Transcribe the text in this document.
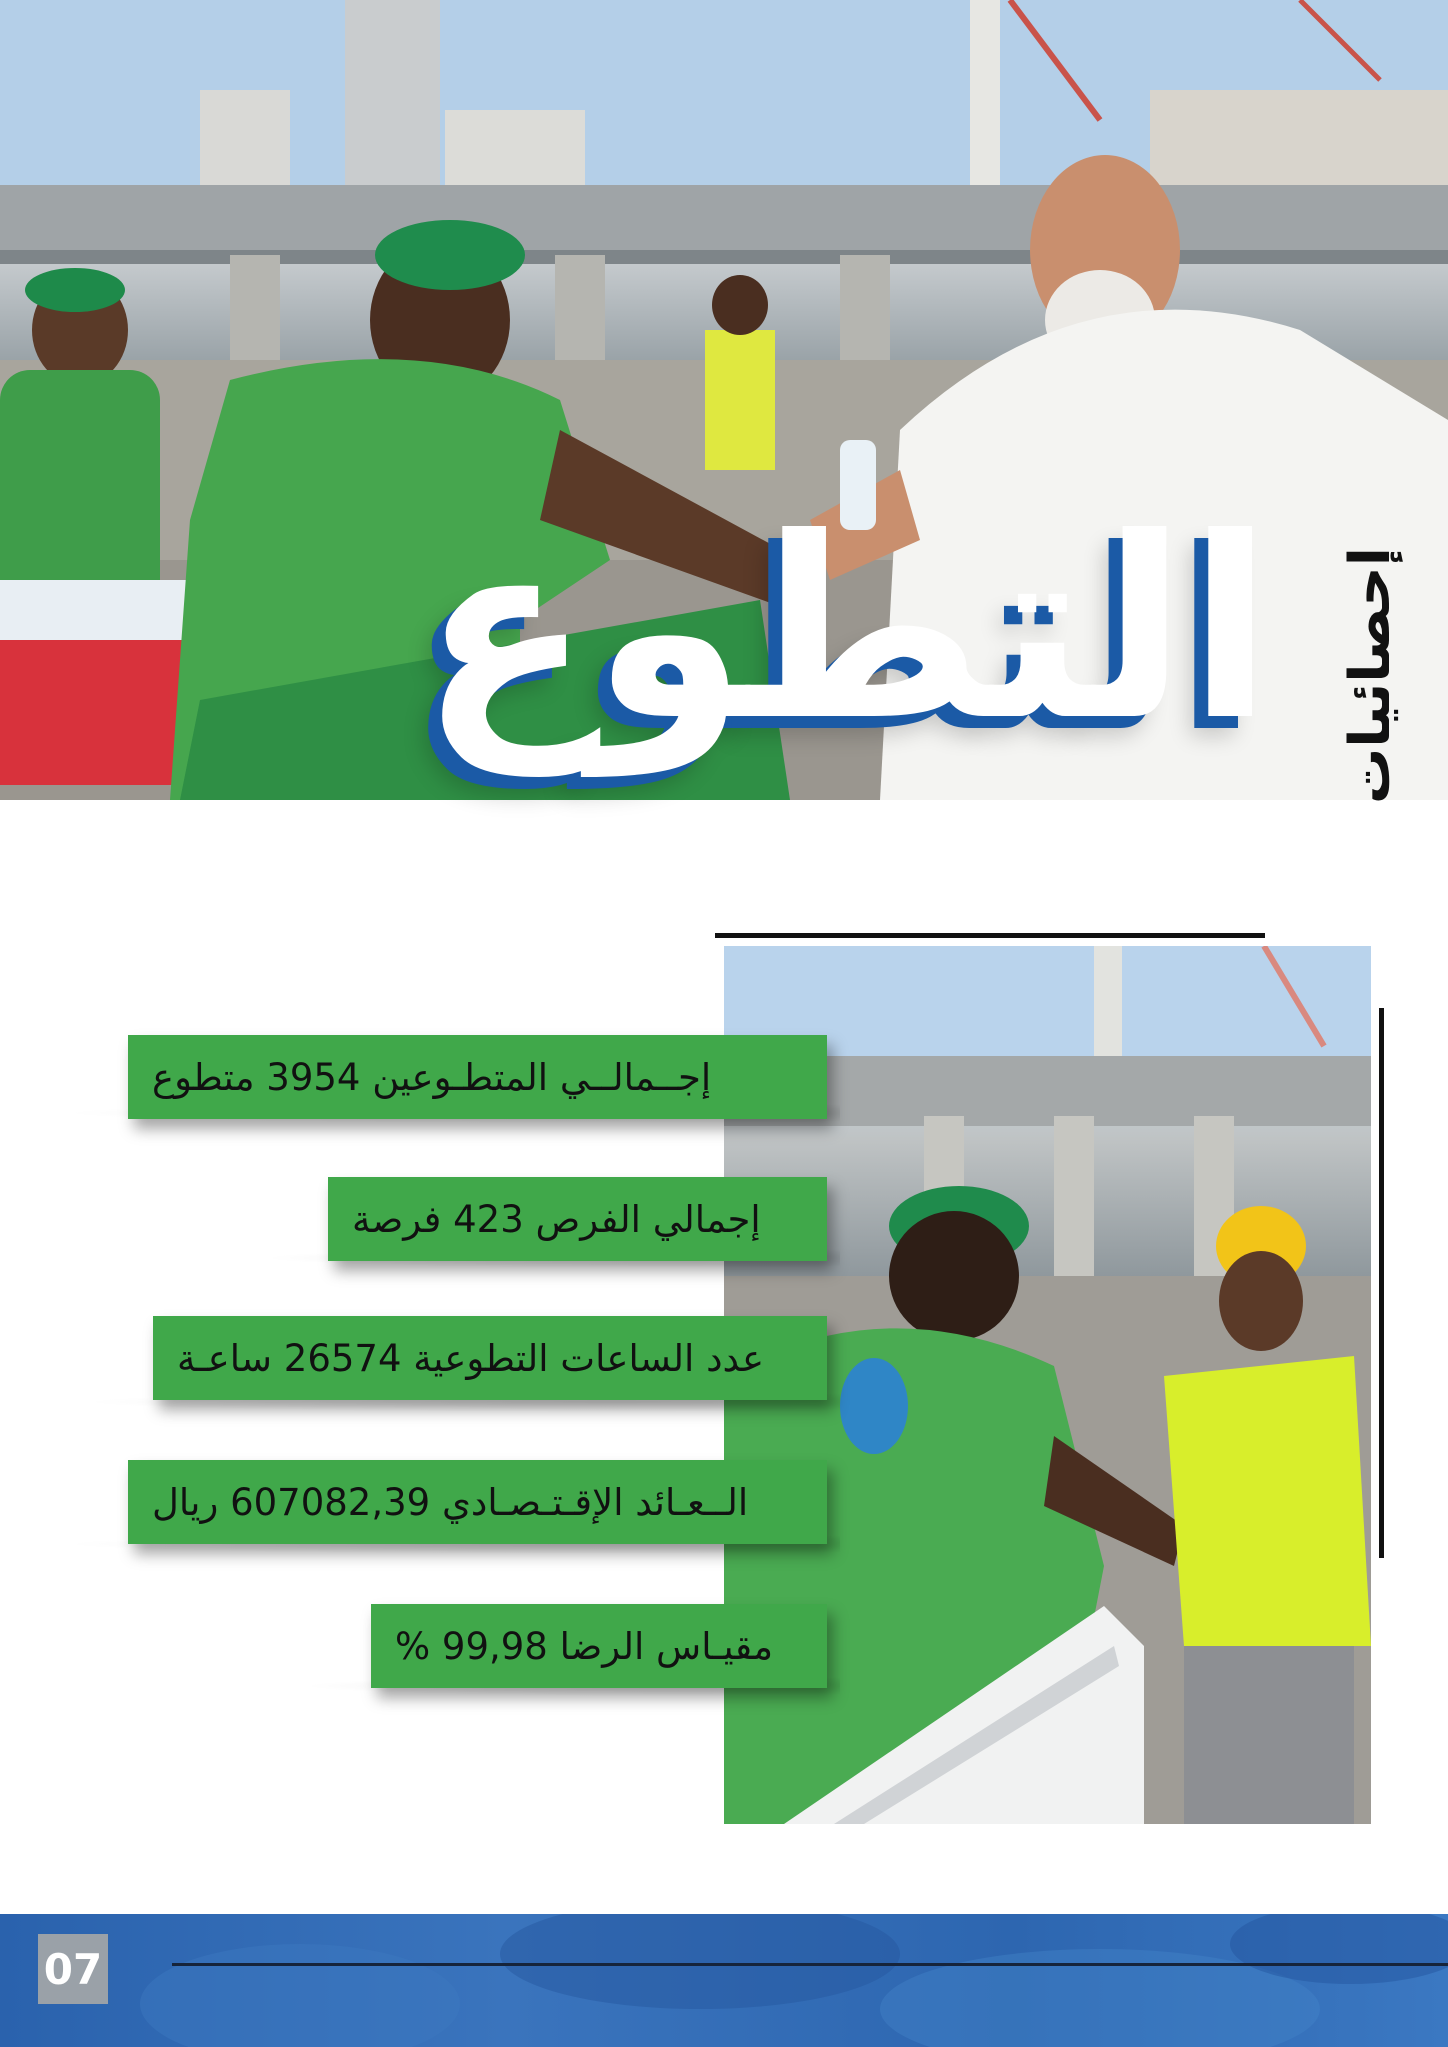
التطوع إحصائيات
إجــمالــي المتطـوعين 3954 متطوع
إجمالي الفرص 423 فرصة
عدد الساعات التطوعية 26574 ساعـة
الــعـائد الإقـتـصـادي 607082,39 ريال
مقيـاس الرضا 99,98 %
07
